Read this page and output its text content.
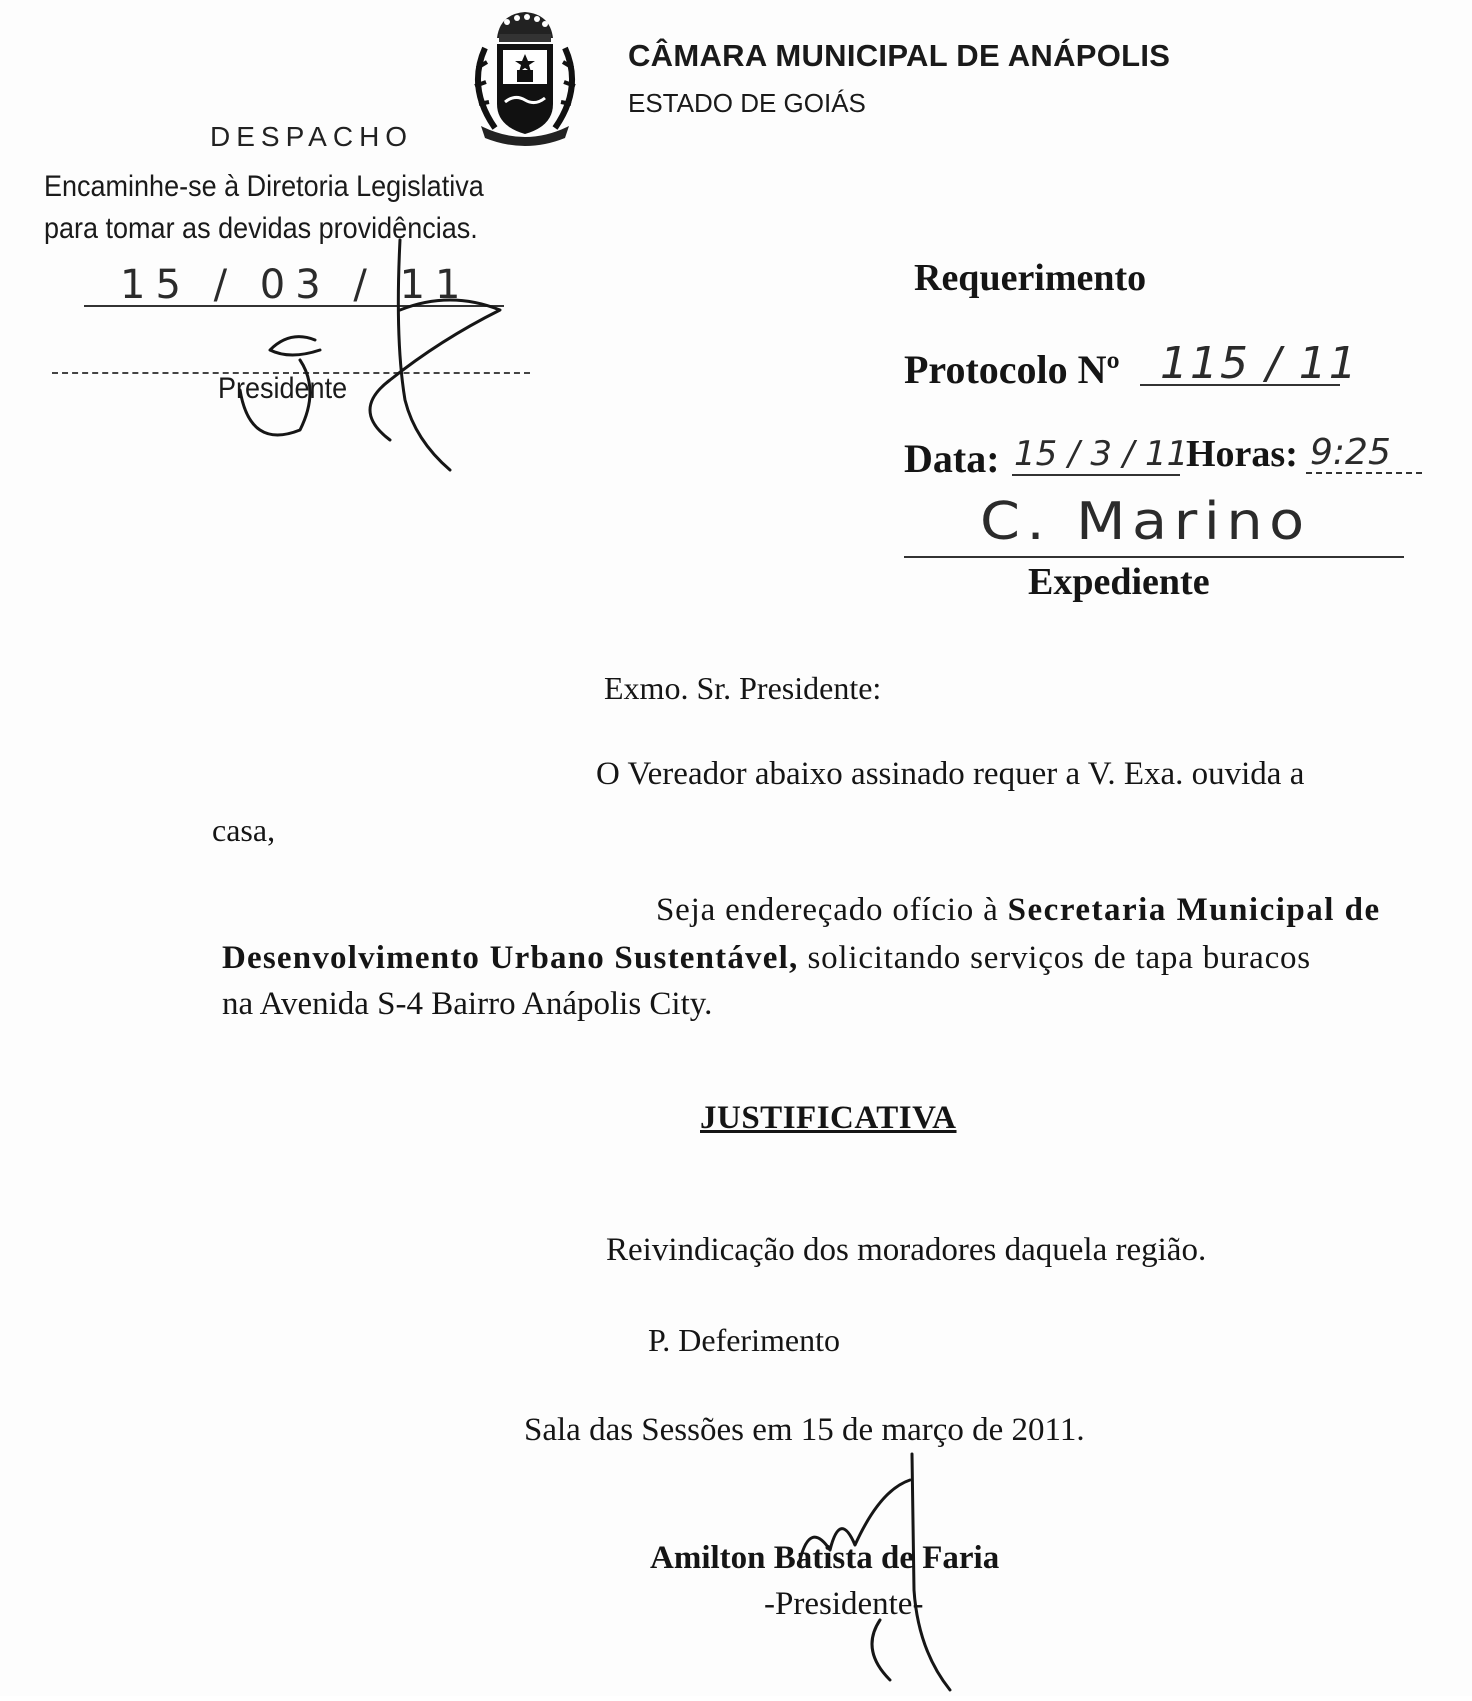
CÂMARA MUNICIPAL DE ANÁPOLIS
ESTADO DE GOIÁS
DESPACHO
Encaminhe-se à Diretoria Legislativa
para tomar as devidas providências.
15 / 03 / 11
Presidente
Requerimento
Protocolo Nº 115 / 11
Data: 15 / 3 / 11
Horas: 9:25
C. Marino
Expediente
Exmo. Sr. Presidente:
O Vereador abaixo assinado requer a V. Exa. ouvida a
casa,
Seja endereçado ofício à Secretaria Municipal de
Desenvolvimento Urbano Sustentável, solicitando serviços de tapa buracos
na Avenida S-4 Bairro Anápolis City.
JUSTIFICATIVA
Reivindicação dos moradores daquela região.
P. Deferimento
Sala das Sessões em 15 de março de 2011.
Amilton Batista de Faria
-Presidente-
